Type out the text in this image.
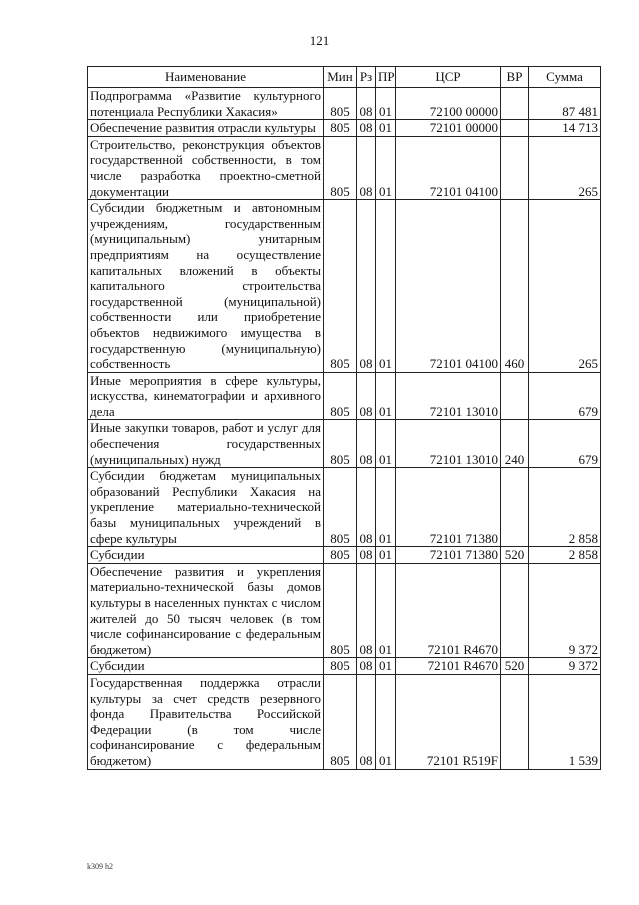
121
Наименование	Мин	Рз	ПР	ЦСР	ВР	Сумма
Подпрограмма «Развитие культурного потенциала Республики Хакасия»	805	08	01	72100 00000		87 481
Обеспечение развития отрасли культуры	805	08	01	72101 00000		14 713
Строительство, реконструкция объектов государственной собственности, в том числе разработка проектно-сметной документации	805	08	01	72101 04100		265
Субсидии бюджетным и автономным учреждениям, государственным (муниципальным) унитарным предприятиям на осуществление капитальных вложений в объекты капитального строительства государственной (муниципальной) собственности или приобретение объектов недвижимого имущества в государственную (муниципальную) собственность	805	08	01	72101 04100	460	265
Иные мероприятия в сфере культуры, искусства, кинематографии и архивного дела	805	08	01	72101 13010		679
Иные закупки товаров, работ и услуг для обеспечения государственных (муниципальных) нужд	805	08	01	72101 13010	240	679
Субсидии бюджетам муниципальных образований Республики Хакасия на укрепление материально-технической базы муниципальных учреждений в сфере культуры	805	08	01	72101 71380		2 858
Субсидии	805	08	01	72101 71380	520	2 858
Обеспечение развития и укрепления материально-технической базы домов культуры в населенных пунктах с числом жителей до 50 тысяч человек (в том числе софинансирование с федеральным бюджетом)	805	08	01	72101 R4670		9 372
Субсидии	805	08	01	72101 R4670	520	9 372
Государственная поддержка отрасли культуры за счет средств резервного фонда Правительства Российской Федерации (в том числе софинансирование с федеральным бюджетом)	805	08	01	72101 R519F		1 539
k309 h2
